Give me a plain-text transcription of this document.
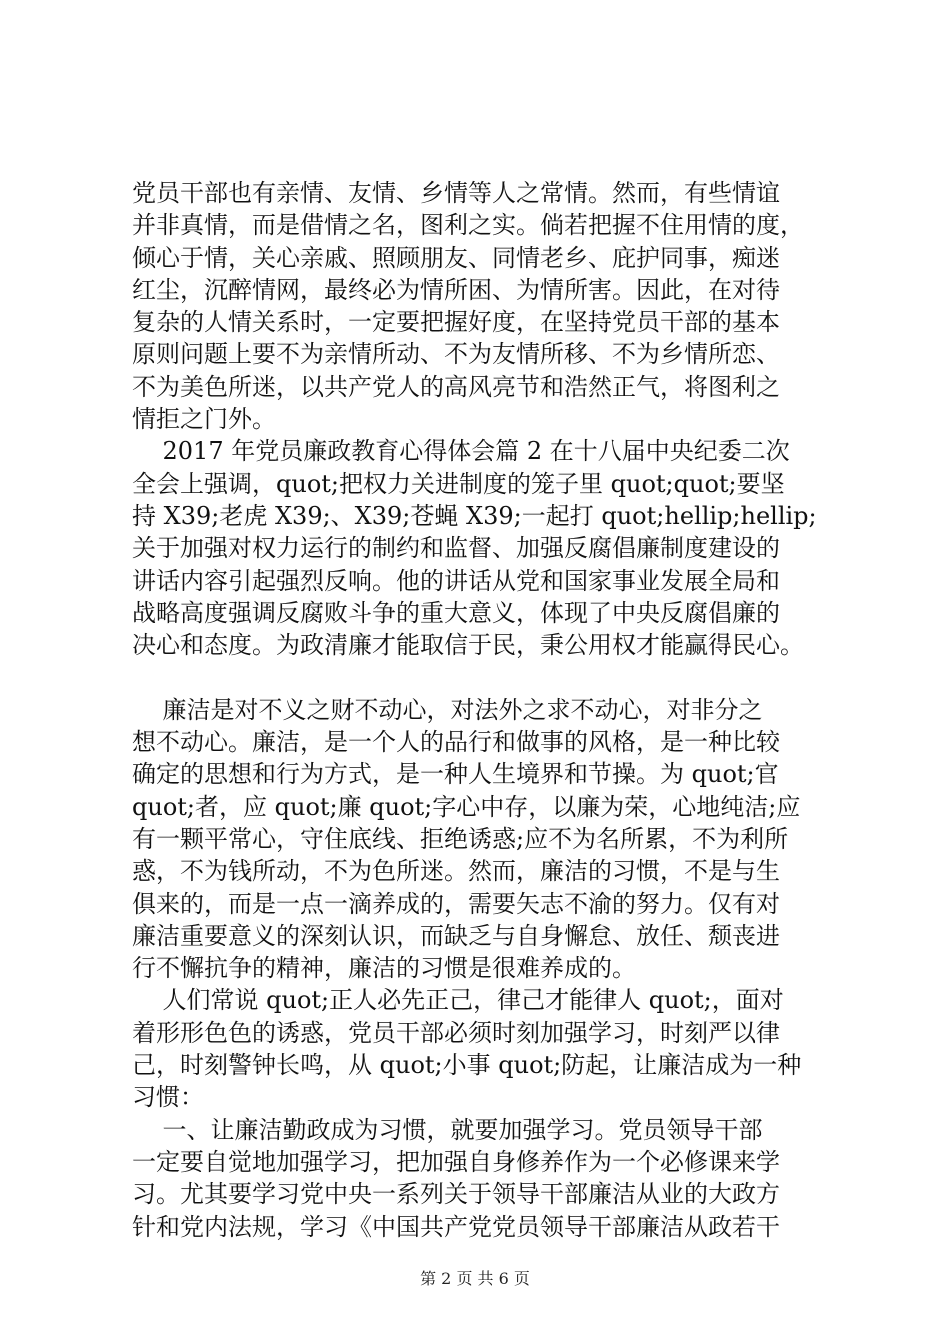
党员干部也有亲情、友情、乡情等人之常情。然而，有些情谊
并非真情，而是借情之名，图利之实。倘若把握不住用情的度，
倾心于情，关心亲戚、照顾朋友、同情老乡、庇护同事，痴迷
红尘，沉醉情网，最终必为情所困、为情所害。因此，在对待
复杂的人情关系时，一定要把握好度，在坚持党员干部的基本
原则问题上要不为亲情所动、不为友情所移、不为乡情所恋、
不为美色所迷，以共产党人的高风亮节和浩然正气，将图利之
情拒之门外。
2017 年党员廉政教育心得体会篇 2 在十八届中央纪委二次
全会上强调，quot;把权力关进制度的笼子里 quot;quot;要坚
持 X39;老虎 X39;、X39;苍蝇 X39;一起打 quot;hellip;hellip;
关于加强对权力运行的制约和监督、加强反腐倡廉制度建设的
讲话内容引起强烈反响。他的讲话从党和国家事业发展全局和
战略高度强调反腐败斗争的重大意义，体现了中央反腐倡廉的
决心和态度。为政清廉才能取信于民，秉公用权才能赢得民心。
廉洁是对不义之财不动心，对法外之求不动心，对非分之
想不动心。廉洁，是一个人的品行和做事的风格，是一种比较
确定的思想和行为方式，是一种人生境界和节操。为 quot;官
quot;者，应 quot;廉 quot;字心中存，以廉为荣，心地纯洁;应
有一颗平常心，守住底线、拒绝诱惑;应不为名所累，不为利所
惑，不为钱所动，不为色所迷。然而，廉洁的习惯，不是与生
俱来的，而是一点一滴养成的，需要矢志不渝的努力。仅有对
廉洁重要意义的深刻认识，而缺乏与自身懈怠、放任、颓丧进
行不懈抗争的精神，廉洁的习惯是很难养成的。
人们常说 quot;正人必先正己，律己才能律人 quot;，面对
着形形色色的诱惑，党员干部必须时刻加强学习，时刻严以律
己，时刻警钟长鸣，从 quot;小事 quot;防起，让廉洁成为一种
习惯：
一、让廉洁勤政成为习惯，就要加强学习。党员领导干部
一定要自觉地加强学习，把加强自身修养作为一个必修课来学
习。尤其要学习党中央一系列关于领导干部廉洁从业的大政方
针和党内法规，学习《中国共产党党员领导干部廉洁从政若干
第 2 页 共 6 页
